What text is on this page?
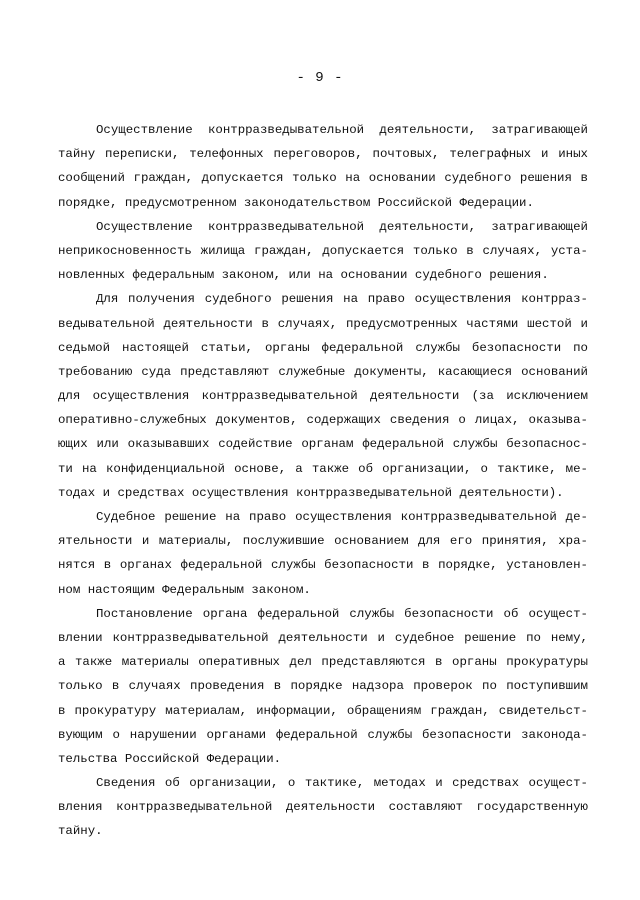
- 9 -
Осуществление контрразведывательной деятельности, затрагивающей
тайну переписки, телефонных переговоров, почтовых, телеграфных и иных
сообщений граждан, допускается только на основании судебного решения в
порядке, предусмотренном законодательством Российской Федерации.
Осуществление контрразведывательной деятельности, затрагивающей
неприкосновенность жилища граждан, допускается только в случаях, уста-
новленных федеральным законом, или на основании судебного решения.
Для получения судебного решения на право осуществления контрраз-
ведывательной деятельности в случаях, предусмотренных частями шестой и
седьмой настоящей статьи, органы федеральной службы безопасности по
требованию суда представляют служебные документы, касающиеся оснований
для осуществления контрразведывательной деятельности (за исключением
оперативно-служебных документов, содержащих сведения о лицах, оказыва-
ющих или оказывавших содействие органам федеральной службы безопаснос-
ти на конфиденциальной основе, а также об организации, о тактике, ме-
тодах и средствах осуществления контрразведывательной деятельности).
Судебное решение на право осуществления контрразведывательной де-
ятельности и материалы, послужившие основанием для его принятия, хра-
нятся в органах федеральной службы безопасности в порядке, установлен-
ном настоящим Федеральным законом.
Постановление органа федеральной службы безопасности об осущест-
влении контрразведывательной деятельности и судебное решение по нему,
а также материалы оперативных дел представляются в органы прокуратуры
только в случаях проведения в порядке надзора проверок по поступившим
в прокуратуру материалам, информации, обращениям граждан, свидетельст-
вующим о нарушении органами федеральной службы безопасности законода-
тельства Российской Федерации.
Сведения об организации, о тактике, методах и средствах осущест-
вления контрразведывательной деятельности составляют государственную
тайну.
